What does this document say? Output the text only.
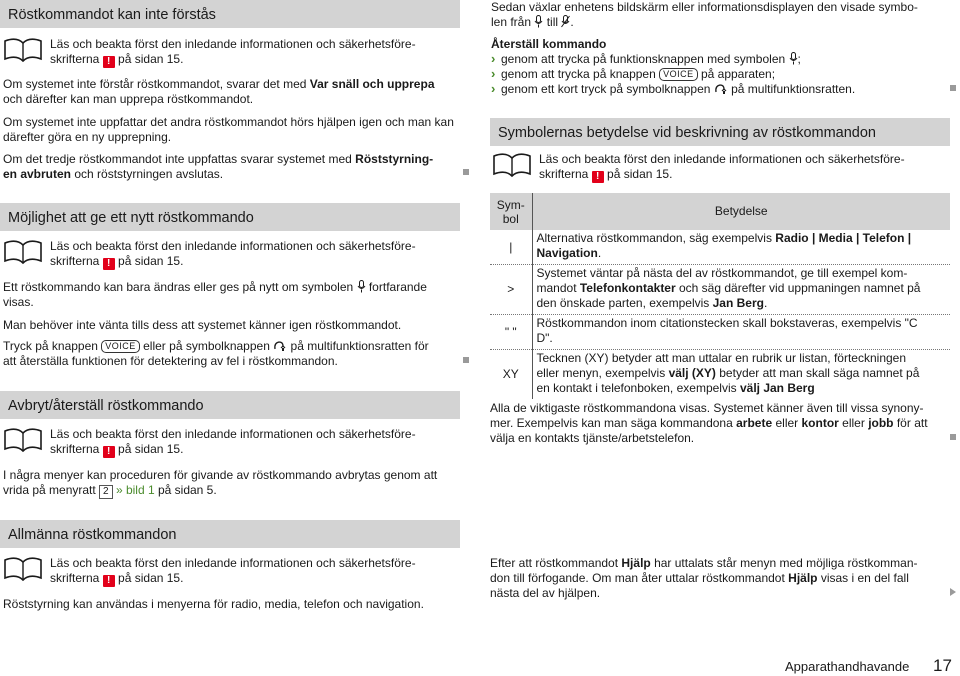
Röstkommandot kan inte förstås
Läs och beakta först den inledande informationen och säkerhetsföre-
skrifterna ! på sidan 15.
Om systemet inte förstår röstkommandot, svarar det med Var snäll och upprepa
och därefter kan man upprepa röstkommandot.
Om systemet inte uppfattar det andra röstkommandot hörs hjälpen igen och man kan därefter göra en ny upprepning.
Om det tredje röstkommandot inte uppfattas svarar systemet med Röststyrning-
en avbruten och röststyrningen avslutas.
Möjlighet att ge ett nytt röstkommando
Läs och beakta först den inledande informationen och säkerhetsföre-
skrifterna ! på sidan 15.
Ett röstkommando kan bara ändras eller ges på nytt om symbolen  fortfarande
visas.
Man behöver inte vänta tills dess att systemet känner igen röstkommandot.
Tryck på knappen VOICE eller på symbolknappen  på multifunktionsratten för
att återställa funktionen för detektering av fel i röstkommandon.
Avbryt/återställ röstkommando
Läs och beakta först den inledande informationen och säkerhetsföre-
skrifterna ! på sidan 15.
I några menyer kan proceduren för givande av röstkommando avbrytas genom att
vrida på menyratt 2 » bild 1 på sidan 5.
Allmänna röstkommandon
Läs och beakta först den inledande informationen och säkerhetsföre-
skrifterna ! på sidan 15.
Röststyrning kan användas i menyerna för radio, media, telefon och navigation.
Sedan växlar enhetens bildskärm eller informationsdisplayen den visade symbo-
len från  till .
Återställ kommando
› genom att trycka på funktionsknappen med symbolen ;
› genom att trycka på knappen VOICE på apparaten;
› genom ett kort tryck på symbolknappen  på multifunktionsratten.
Symbolernas betydelse vid beskrivning av röstkommandon
Läs och beakta först den inledande informationen och säkerhetsföre-
skrifterna ! på sidan 15.
Sym-
bol	Betydelse
|	Alternativa röstkommandon, säg exempelvis Radio | Media | Telefon |
Navigation.
>	Systemet väntar på nästa del av röstkommandot, ge till exempel kom-
mandot Telefonkontakter och säg därefter vid uppmaningen namnet på
den önskade parten, exempelvis Jan Berg.
" "	Röstkommandon inom citationstecken skall bokstaveras, exempelvis "C
D".
XY	Tecknen (XY) betyder att man uttalar en rubrik ur listan, förteckningen
eller menyn, exempelvis välj (XY) betyder att man skall säga namnet på
en kontakt i telefonboken, exempelvis välj Jan Berg
Alla de viktigaste röstkommandona visas. Systemet känner även till vissa synony-
mer. Exempelvis kan man säga kommandona arbete eller kontor eller jobb för att
välja en kontakts tjänste/arbetstelefon.
Efter att röstkommandot Hjälp har uttalats står menyn med möjliga röstkomman-
don till förfogande. Om man åter uttalar röstkommandot Hjälp visas i en del fall
nästa del av hjälpen.
Apparathandhavande 17
